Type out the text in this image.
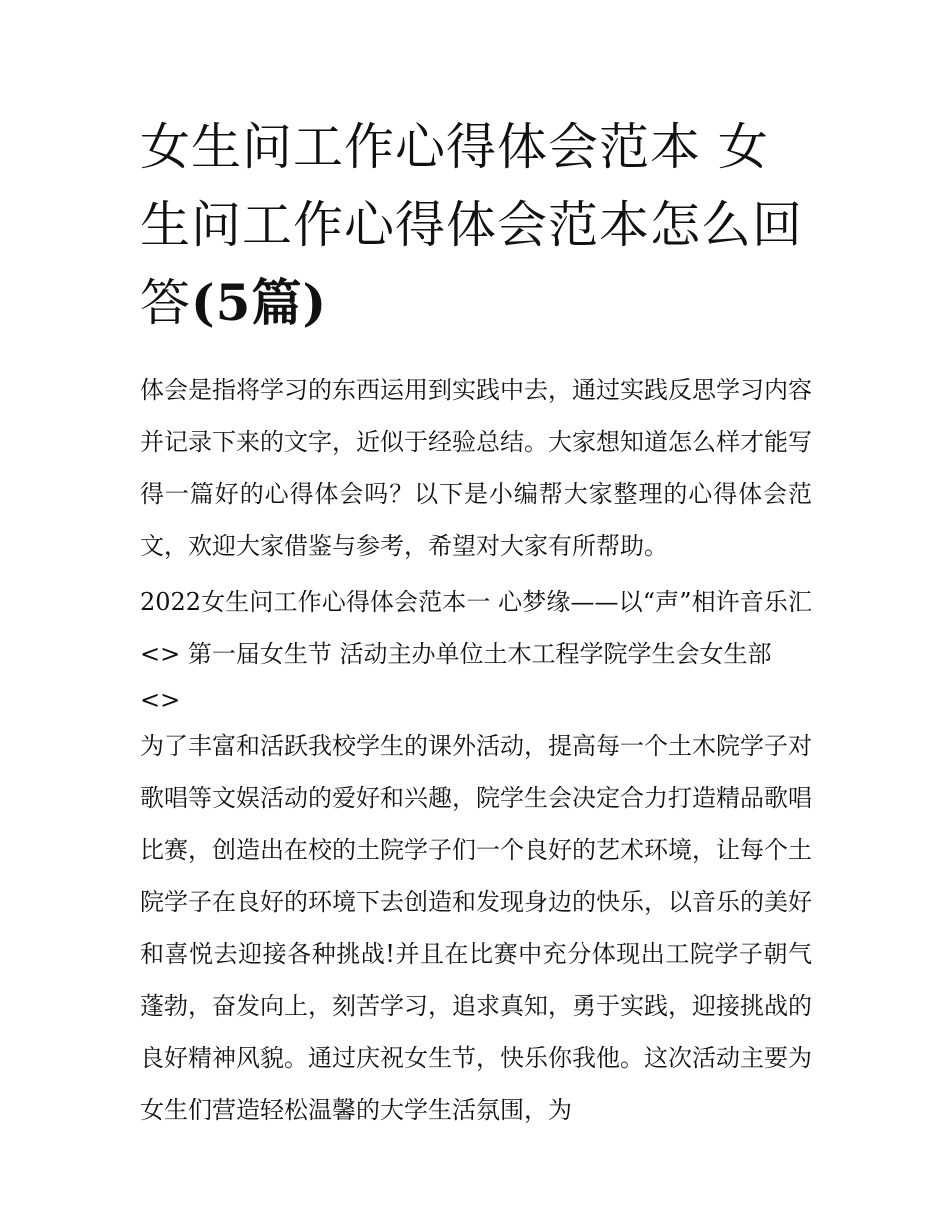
女生问工作心得体会范本 女生问工作心得体会范本怎么回答(5篇)

体会是指将学习的东西运用到实践中去，通过实践反思学习内容并记录下来的文字，近似于经验总结。大家想知道怎么样才能写得一篇好的心得体会吗？以下是小编帮大家整理的心得体会范文，欢迎大家借鉴与参考，希望对大家有所帮助。

2022女生问工作心得体会范本一 心梦缘——以“声”相许音乐汇 <> 第一届女生节 活动主办单位土木工程学院学生会女生部
<>

为了丰富和活跃我校学生的课外活动，提高每一个土木院学子对歌唱等文娱活动的爱好和兴趣，院学生会决定合力打造精品歌唱比赛，创造出在校的土院学子们一个良好的艺术环境，让每个土院学子在良好的环境下去创造和发现身边的快乐，以音乐的美好和喜悦去迎接各种挑战!并且在比赛中充分体现出工院学子朝气蓬勃，奋发向上，刻苦学习，追求真知，勇于实践，迎接挑战的良好精神风貌。通过庆祝女生节，快乐你我他。这次活动主要为女生们营造轻松温馨的大学生活氛围，为
